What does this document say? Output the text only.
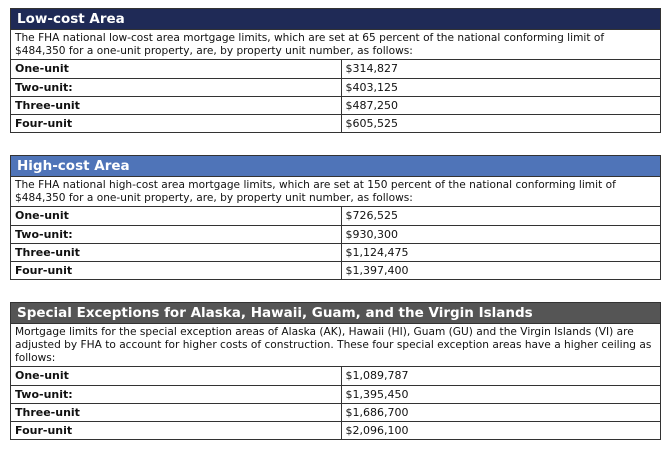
Low-cost Area
The FHA national low-cost area mortgage limits, which are set at 65 percent of the national conforming limit of $484,350 for a one-unit property, are, by property unit number, as follows:
One-unit	$314,827
Two-unit:	$403,125
Three-unit	$487,250
Four-unit	$605,525
High-cost Area
The FHA national high-cost area mortgage limits, which are set at 150 percent of the national conforming limit of $484,350 for a one-unit property, are, by property unit number, as follows:
One-unit	$726,525
Two-unit:	$930,300
Three-unit	$1,124,475
Four-unit	$1,397,400
Special Exceptions for Alaska, Hawaii, Guam, and the Virgin Islands
Mortgage limits for the special exception areas of Alaska (AK), Hawaii (HI), Guam (GU) and the Virgin Islands (VI) are adjusted by FHA to account for higher costs of construction. These four special exception areas have a higher ceiling as follows:
One-unit	$1,089,787
Two-unit:	$1,395,450
Three-unit	$1,686,700
Four-unit	$2,096,100
